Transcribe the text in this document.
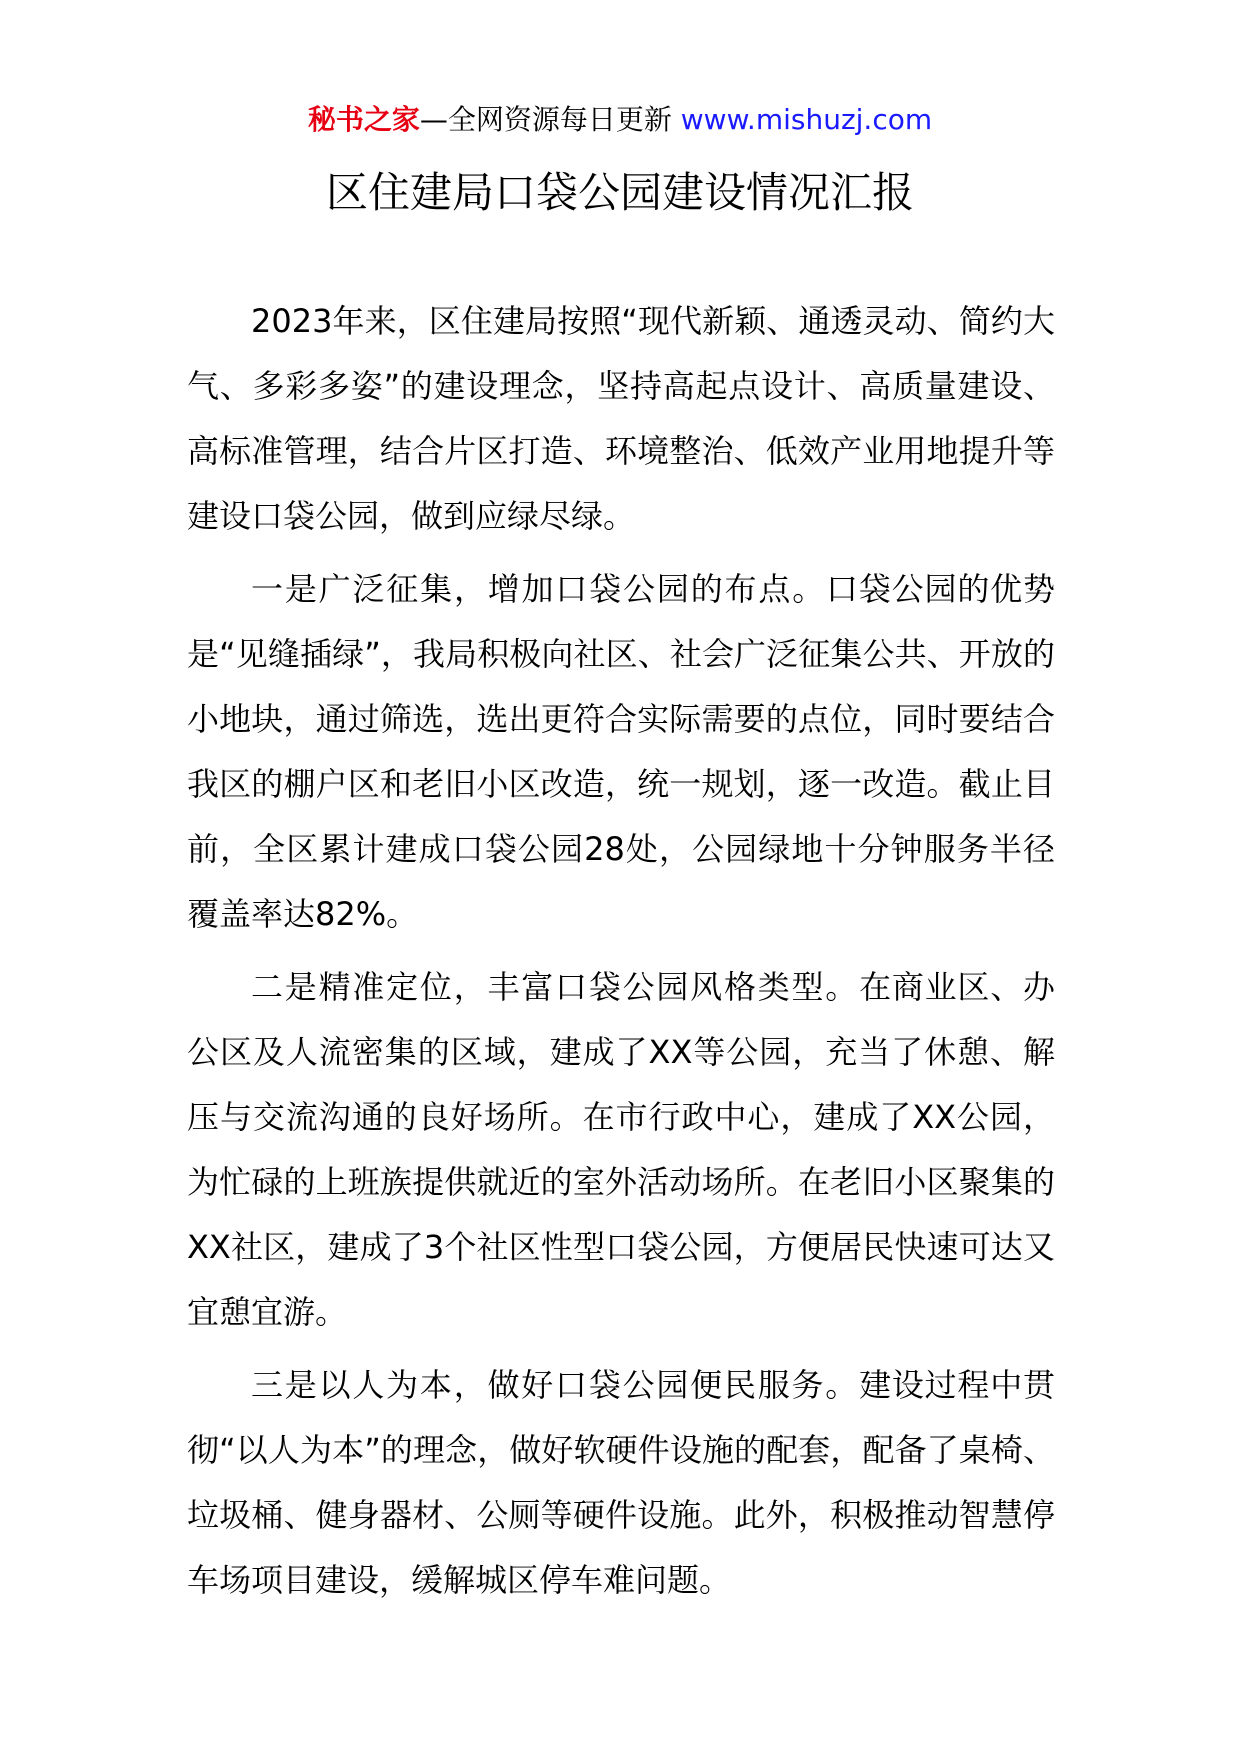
秘书之家—全网资源每日更新 www.mishuzj.com
区住建局口袋公园建设情况汇报

2023年来，区住建局按照“现代新颖、通透灵动、简约大气、多彩多姿”的建设理念，坚持高起点设计、高质量建设、高标准管理，结合片区打造、环境整治、低效产业用地提升等建设口袋公园，做到应绿尽绿。

一是广泛征集，增加口袋公园的布点。口袋公园的优势是“见缝插绿”，我局积极向社区、社会广泛征集公共、开放的小地块，通过筛选，选出更符合实际需要的点位，同时要结合我区的棚户区和老旧小区改造，统一规划，逐一改造。截止目前，全区累计建成口袋公园28处，公园绿地十分钟服务半径覆盖率达82%。

二是精准定位，丰富口袋公园风格类型。在商业区、办公区及人流密集的区域，建成了XX等公园，充当了休憩、解压与交流沟通的良好场所。在市行政中心，建成了XX公园，为忙碌的上班族提供就近的室外活动场所。在老旧小区聚集的XX社区，建成了3个社区性型口袋公园，方便居民快速可达又宜憩宜游。

三是以人为本，做好口袋公园便民服务。建设过程中贯彻“以人为本”的理念，做好软硬件设施的配套，配备了桌椅、垃圾桶、健身器材、公厕等硬件设施。此外，积极推动智慧停车场项目建设，缓解城区停车难问题。
